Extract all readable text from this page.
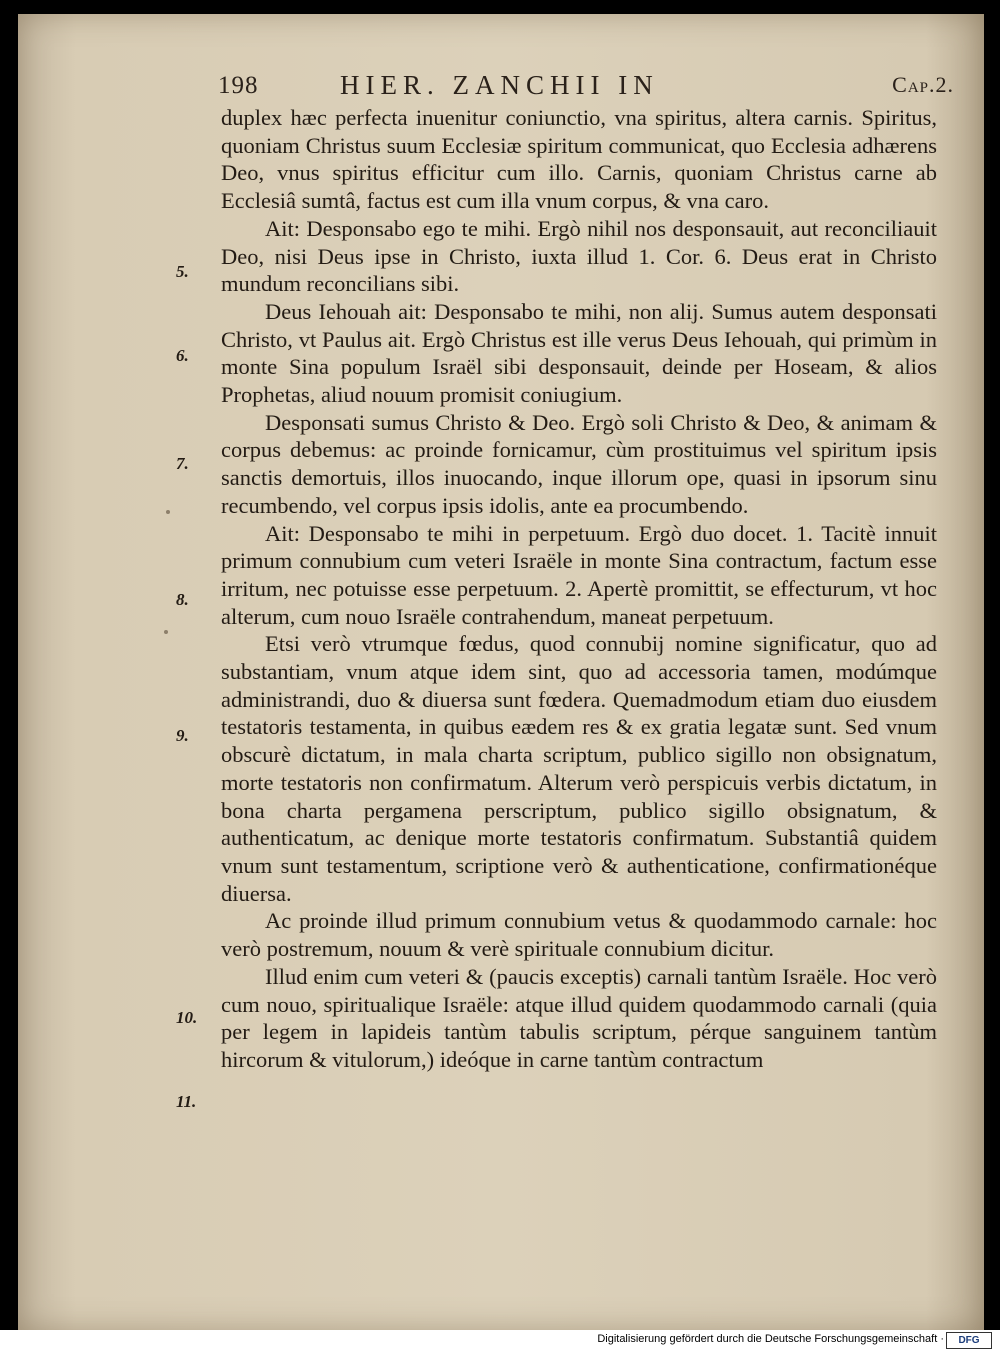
198	HIER. ZANCHII IN	Cap.2.
5.
6.
7.
8.
9.
10.
11.

duplex hæc perfecta inuenitur coniunctio, vna spiritus, altera carnis. Spiritus, quoniam Christus suum Ecclesiæ spiritum communicat, quo Ecclesia adhærens Deo, vnus spiritus efficitur cum illo. Carnis, quoniam Christus carne ab Ecclesiâ sumtâ, factus est cum illa vnum corpus, & vna caro.

Ait: Desponsabo ego te mihi. Ergò nihil nos desponsauit, aut reconciliauit Deo, nisi Deus ipse in Christo, iuxta illud 1. Cor. 6. Deus erat in Christo mundum reconcilians sibi.

Deus Iehouah ait: Desponsabo te mihi, non alij. Sumus autem desponsati Christo, vt Paulus ait. Ergò Christus est ille verus Deus Iehouah, qui primùm in monte Sina populum Israël sibi desponsauit, deinde per Hoseam, & alios Prophetas, aliud nouum promisit coniugium.

Desponsati sumus Christo & Deo. Ergò soli Christo & Deo, & animam & corpus debemus: ac proinde fornicamur, cùm prostituimus vel spiritum ipsis sanctis demortuis, illos inuocando, inque illorum ope, quasi in ipsorum sinu recumbendo, vel corpus ipsis idolis, ante ea procumbendo.

Ait: Desponsabo te mihi in perpetuum. Ergò duo docet. 1. Tacitè innuit primum connubium cum veteri Israële in monte Sina contractum, factum esse irritum, nec potuisse esse perpetuum. 2. Apertè promittit, se effecturum, vt hoc alterum, cum nouo Israële contrahendum, maneat perpetuum.

Etsi verò vtrumque fœdus, quod connubij nomine significatur, quo ad substantiam, vnum atque idem sint, quo ad accessoria tamen, modúmque administrandi, duo & diuersa sunt fœdera. Quemadmodum etiam duo eiusdem testatoris testamenta, in quibus eædem res & ex gratia legatæ sunt. Sed vnum obscurè dictatum, in mala charta scriptum, publico sigillo non obsignatum, morte testatoris non confirmatum. Alterum verò perspicuis verbis dictatum, in bona charta pergamena perscriptum, publico sigillo obsignatum, & authenticatum, ac denique morte testatoris confirmatum. Substantiâ quidem vnum sunt testamentum, scriptione verò & authenticatione, confirmationéque diuersa.

Ac proinde illud primum connubium vetus & quodammodo carnale: hoc verò postremum, nouum & verè spirituale connubium dicitur.

Illud enim cum veteri & (paucis exceptis) carnali tantùm Israële. Hoc verò cum nouo, spiritualique Israële: atque illud quidem quodammodo carnali (quia per legem in lapideis tantùm tabulis scriptum, pérque sanguinem tantùm hircorum & vitulorum,) ideóque in carne tantùm contractum

Digitalisierung gefördert durch die Deutsche Forschungsgemeinschaft ·	DFG
